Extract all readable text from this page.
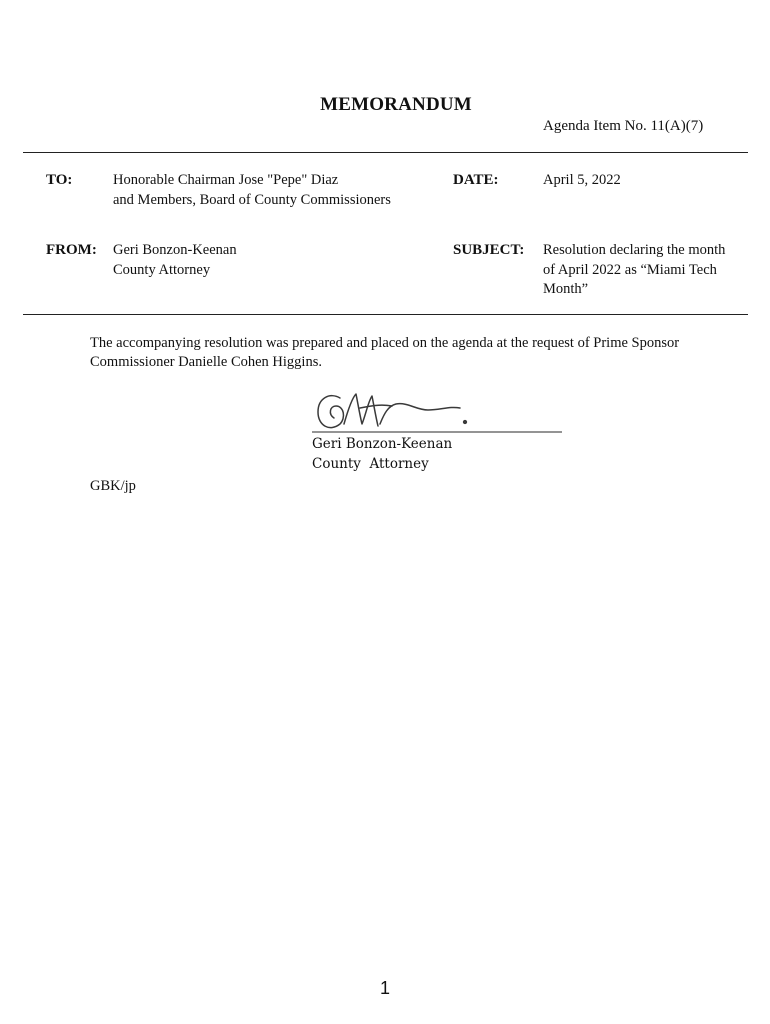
MEMORANDUM
Agenda Item No. 11(A)(7)
TO:	Honorable Chairman Jose "Pepe" Diaz
and Members, Board of County Commissioners
DATE:	April 5, 2022
FROM: Geri Bonzon-Keenan
County Attorney
SUBJECT: Resolution declaring the month
of April 2022 as “Miami Tech
Month”
The accompanying resolution was prepared and placed on the agenda at the request of Prime Sponsor
Commissioner Danielle Cohen Higgins.
Geri Bonzon-Keenan
County  Attorney
GBK/jp
1
